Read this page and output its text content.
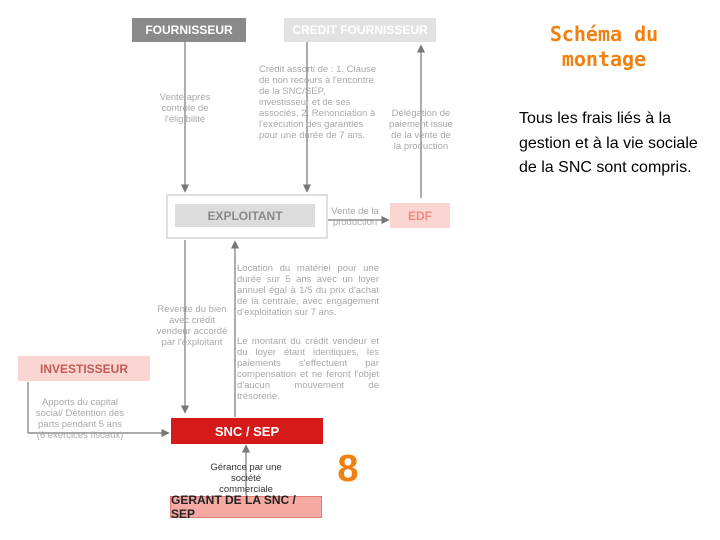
FOURNISSEUR	CREDIT FOURNISSEUR
EXPLOITANT	EDF
INVESTISSEUR
SNC / SEP
GERANT DE LA SNC / SEP
Vente après contrôle de l'éligibilité
Crédit assorti de : 1. Clause de non recours à l'encontre de la SNC/SEP, investisseur et de ses associés. 2. Renonciation à l'exécution des garanties pour une durée de 7 ans.
Délégation de paiement issue de la vente de la production
Vente de la production
Location du matériel pour une durée sur 5 ans avec un loyer annuel égal à 1/5 du prix d'achat de la centrale, avec engagement d'exploitation sur 7 ans.
Revente du bien avec crédit vendeur accordé par l'exploitant	Le montant du crédit vendeur et du loyer étant identiques, les paiements s'effectuent par compensation et ne feront l'objet d'aucun mouvement de trésorerie.
Apports du capital social/ Détention des parts pendant 5 ans (6 exercices fiscaux)
Gérance par une société commerciale
Schéma du montage
Tous les frais liés à la gestion et à la vie sociale de la SNC sont compris.
8
